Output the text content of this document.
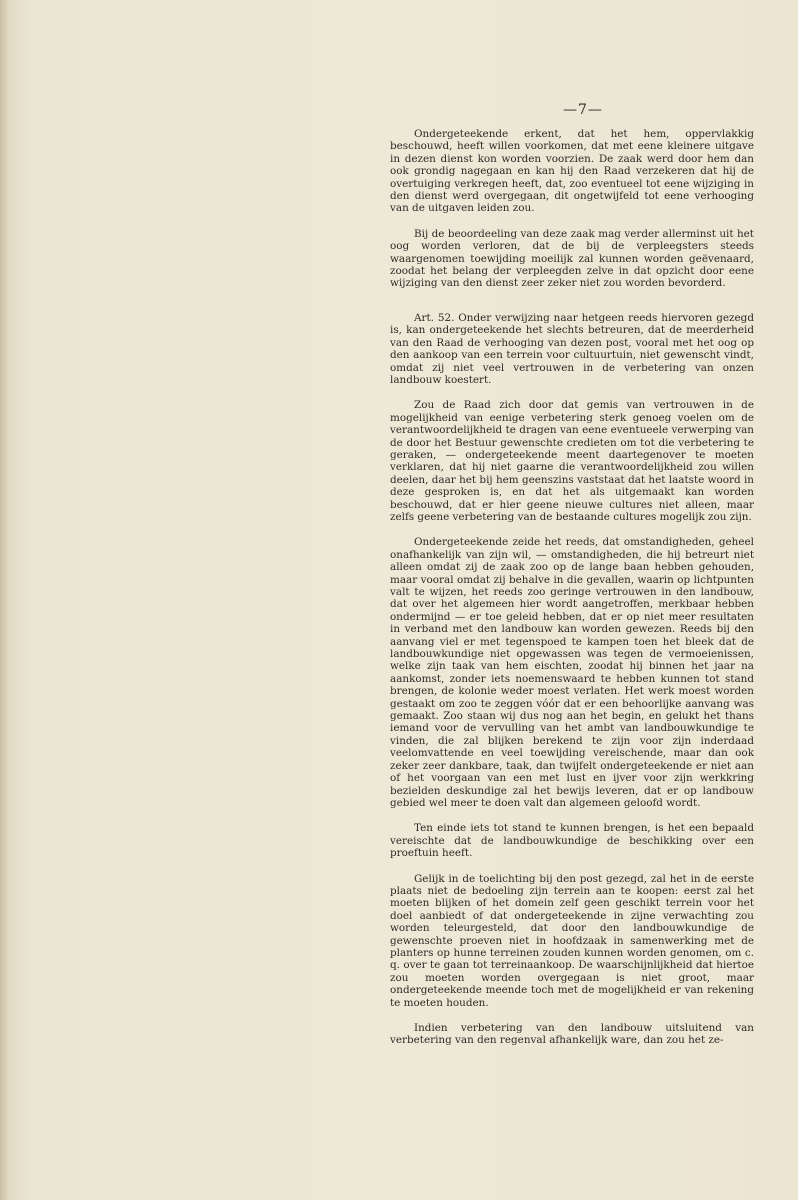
—7—

Ondergeteekende erkent, dat het hem, oppervlakkig beschouwd, heeft willen voorkomen, dat met eene kleinere uitgave in dezen dienst kon worden voorzien. De zaak werd door hem dan ook grondig nagegaan en kan hij den Raad verzekeren dat hij de overtuiging verkregen heeft, dat, zoo eventueel tot eene wijziging in den dienst werd overgegaan, dit ongetwijfeld tot eene verhooging van de uitgaven leiden zou.

Bij de beoordeeling van deze zaak mag verder allerminst uit het oog worden verloren, dat de bij de verpleegsters steeds waargenomen toewijding moeilijk zal kunnen worden geëvenaard, zoodat het belang der verpleegden zelve in dat opzicht door eene wijziging van den dienst zeer zeker niet zou worden bevorderd.

Art. 52. Onder verwijzing naar hetgeen reeds hiervoren gezegd is, kan ondergeteekende het slechts betreuren, dat de meerderheid van den Raad de verhooging van dezen post, vooral met het oog op den aankoop van een terrein voor cultuurtuin, niet gewenscht vindt, omdat zij niet veel vertrouwen in de verbetering van onzen landbouw koestert.

Zou de Raad zich door dat gemis van vertrouwen in de mogelijkheid van eenige verbetering sterk genoeg voelen om de verantwoordelijkheid te dragen van eene eventueele verwerping van de door het Bestuur gewenschte credieten om tot die verbetering te geraken, — ondergeteekende meent daartegenover te moeten verklaren, dat hij niet gaarne die verantwoordelijkheid zou willen deelen, daar het bij hem geenszins vaststaat dat het laatste woord in deze gesproken is, en dat het als uitgemaakt kan worden beschouwd, dat er hier geene nieuwe cultures niet alleen, maar zelfs geene verbetering van de bestaande cultures mogelijk zou zijn.

Ondergeteekende zeide het reeds, dat omstandigheden, geheel onafhankelijk van zijn wil, — omstandigheden, die hij betreurt niet alleen omdat zij de zaak zoo op de lange baan hebben gehouden, maar vooral omdat zij behalve in die gevallen, waarin op lichtpunten valt te wijzen, het reeds zoo geringe vertrouwen in den landbouw, dat over het algemeen hier wordt aangetroffen, merkbaar hebben ondermijnd — er toe geleid hebben, dat er op niet meer resultaten in verband met den landbouw kan worden gewezen. Reeds bij den aanvang viel er met tegenspoed te kampen toen het bleek dat de landbouwkundige niet opgewassen was tegen de vermoeienissen, welke zijn taak van hem eischten, zoodat hij binnen het jaar na aankomst, zonder iets noemenswaard te hebben kunnen tot stand brengen, de kolonie weder moest verlaten. Het werk moest worden gestaakt om zoo te zeggen vóór dat er een behoorlijke aanvang was gemaakt. Zoo staan wij dus nog aan het begin, en gelukt het thans iemand voor de vervulling van het ambt van landbouwkundige te vinden, die zal blijken berekend te zijn voor zijn inderdaad veelomvattende en veel toewijding vereischende, maar dan ook zeker zeer dankbare, taak, dan twijfelt ondergeteekende er niet aan of het voorgaan van een met lust en ijver voor zijn werkkring bezielden deskundige zal het bewijs leveren, dat er op landbouw gebied wel meer te doen valt dan algemeen geloofd wordt.

Ten einde iets tot stand te kunnen brengen, is het een bepaald vereischte dat de landbouwkundige de beschikking over een proeftuin heeft.

Gelijk in de toelichting bij den post gezegd, zal het in de eerste plaats niet de bedoeling zijn terrein aan te koopen: eerst zal het moeten blijken of het domein zelf geen geschikt terrein voor het doel aanbiedt of dat ondergeteekende in zijne verwachting zou worden teleurgesteld, dat door den landbouwkundige de gewenschte proeven niet in hoofdzaak in samenwerking met de planters op hunne terreinen zouden kunnen worden genomen, om c. q. over te gaan tot terreinaankoop. De waarschijnlijkheid dat hiertoe zou moeten worden overgegaan is niet groot, maar ondergeteekende meende toch met de mogelijkheid er van rekening te moeten houden.

Indien verbetering van den landbouw uitsluitend van verbetering van den regenval afhankelijk ware, dan zou het ze-
